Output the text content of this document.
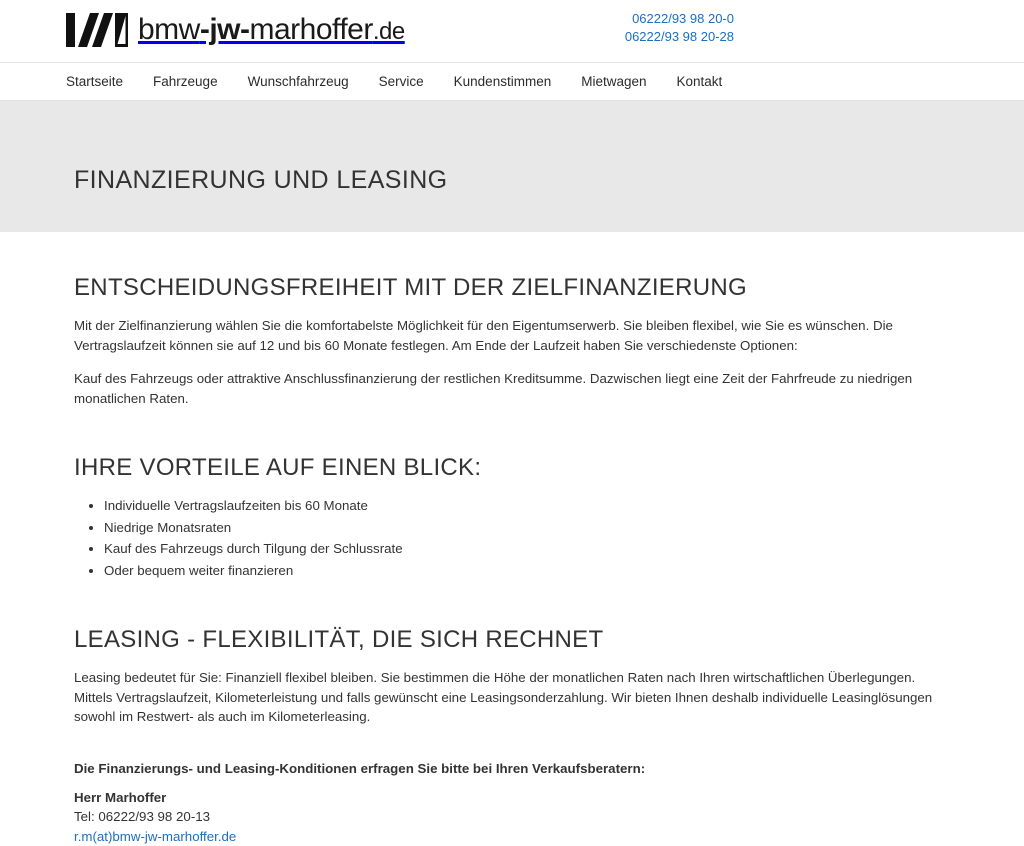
bmw-jw-marhoffer.de	06222/93 98 20-0
06222/93 98 20-28
Startseite Fahrzeuge Wunschfahrzeug Service Kundenstimmen Mietwagen Kontakt
FINANZIERUNG UND LEASING
ENTSCHEIDUNGSFREIHEIT MIT DER ZIELFINANZIERUNG

Mit der Zielfinanzierung wählen Sie die komfortabelste Möglichkeit für den Eigentumserwerb. Sie bleiben flexibel, wie Sie es wünschen. Die Vertragslaufzeit können sie auf 12 und bis 60 Monate festlegen. Am Ende der Laufzeit haben Sie verschiedenste Optionen:

Kauf des Fahrzeugs oder attraktive Anschlussfinanzierung der restlichen Kreditsumme. Dazwischen liegt eine Zeit der Fahrfreude zu niedrigen monatlichen Raten.

IHRE VORTEILE AUF EINEN BLICK:
• Individuelle Vertragslaufzeiten bis 60 Monate
• Niedrige Monatsraten
• Kauf des Fahrzeugs durch Tilgung der Schlussrate
• Oder bequem weiter finanzieren
LEASING - FLEXIBILITÄT, DIE SICH RECHNET

Leasing bedeutet für Sie: Finanziell flexibel bleiben. Sie bestimmen die Höhe der monatlichen Raten nach Ihren wirtschaftlichen Überlegungen. Mittels Vertragslaufzeit, Kilometerleistung und falls gewünscht eine Leasingsonderzahlung. Wir bieten Ihnen deshalb individuelle Leasinglösungen sowohl im Restwert- als auch im Kilometerleasing.

Die Finanzierungs- und Leasing-Konditionen erfragen Sie bitte bei Ihren Verkaufsberatern:

Herr Marhoffer

Tel: 06222/93 98 20-13

r.m(at)bmw-jw-marhoffer.de
